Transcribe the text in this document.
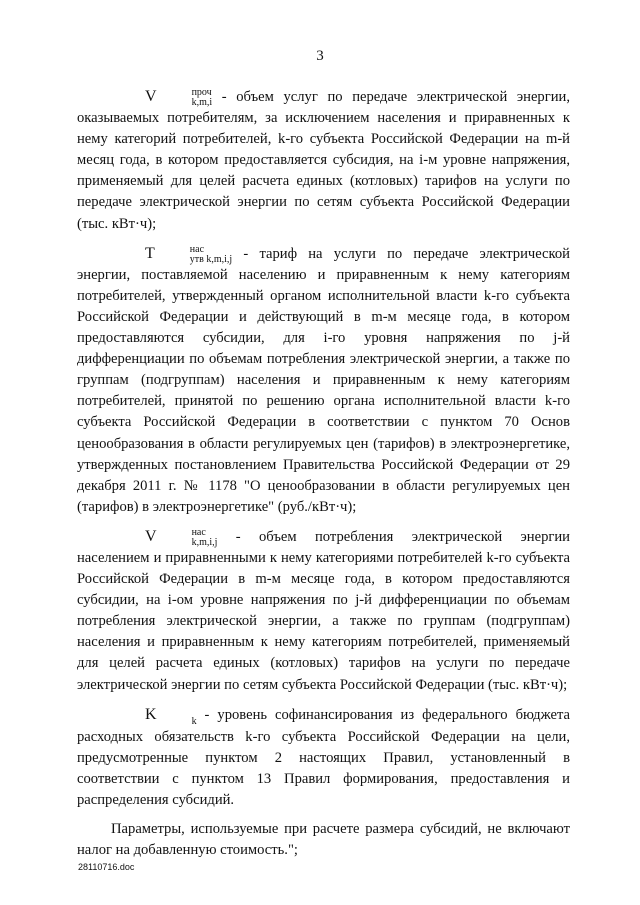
3

V	проч
k,m,i - объем услуг по передаче электрической энергии, оказываемых потребителям, за исключением населения и приравненных к нему категорий потребителей, k-го субъекта Российской Федерации на m-й месяц года, в котором предоставляется субсидия, на i-м уровне напряжения, применяемый для целей расчета единых (котловых) тарифов на услуги по передаче электрической энергии по сетям субъекта Российской Федерации (тыс. кВт·ч);

T	нас
утв k,m,i,j - тариф на услуги по передаче электрической энергии, поставляемой населению и приравненным к нему категориям потребителей, утвержденный органом исполнительной власти k-го субъекта Российской Федерации и действующий в m-м месяце года, в котором предоставляются субсидии, для i-го уровня напряжения по j-й дифференциации по объемам потребления электрической энергии, а также по группам (подгруппам) населения и приравненным к нему категориям потребителей, принятой по решению органа исполнительной власти k-го субъекта Российской Федерации в соответствии с пунктом 70 Основ ценообразования в области регулируемых цен (тарифов) в электроэнергетике, утвержденных постановлением Правительства Российской Федерации от 29 декабря 2011 г. № 1178 "О ценообразовании в области регулируемых цен (тарифов) в электроэнергетике" (руб./кВт·ч);

V	нас
k,m,i,j - объем потребления электрической энергии населением и приравненными к нему категориями потребителей k-го субъекта Российской Федерации в m-м месяце года, в котором предоставляются субсидии, на i-ом уровне напряжения по j-й дифференциации по объемам потребления электрической энергии, а также по группам (подгруппам) населения и приравненным к нему категориям потребителей, применяемый для целей расчета единых (котловых) тарифов на услуги по передаче электрической энергии по сетям субъекта Российской Федерации (тыс. кВт·ч);

K	k - уровень софинансирования из федерального бюджета расходных обязательств k-го субъекта Российской Федерации на цели, предусмотренные пунктом 2 настоящих Правил, установленный в соответствии с пунктом 13 Правил формирования, предоставления и распределения субсидий.

Параметры, используемые при расчете размера субсидий, не включают налог на добавленную стоимость.";

28110716.doc
